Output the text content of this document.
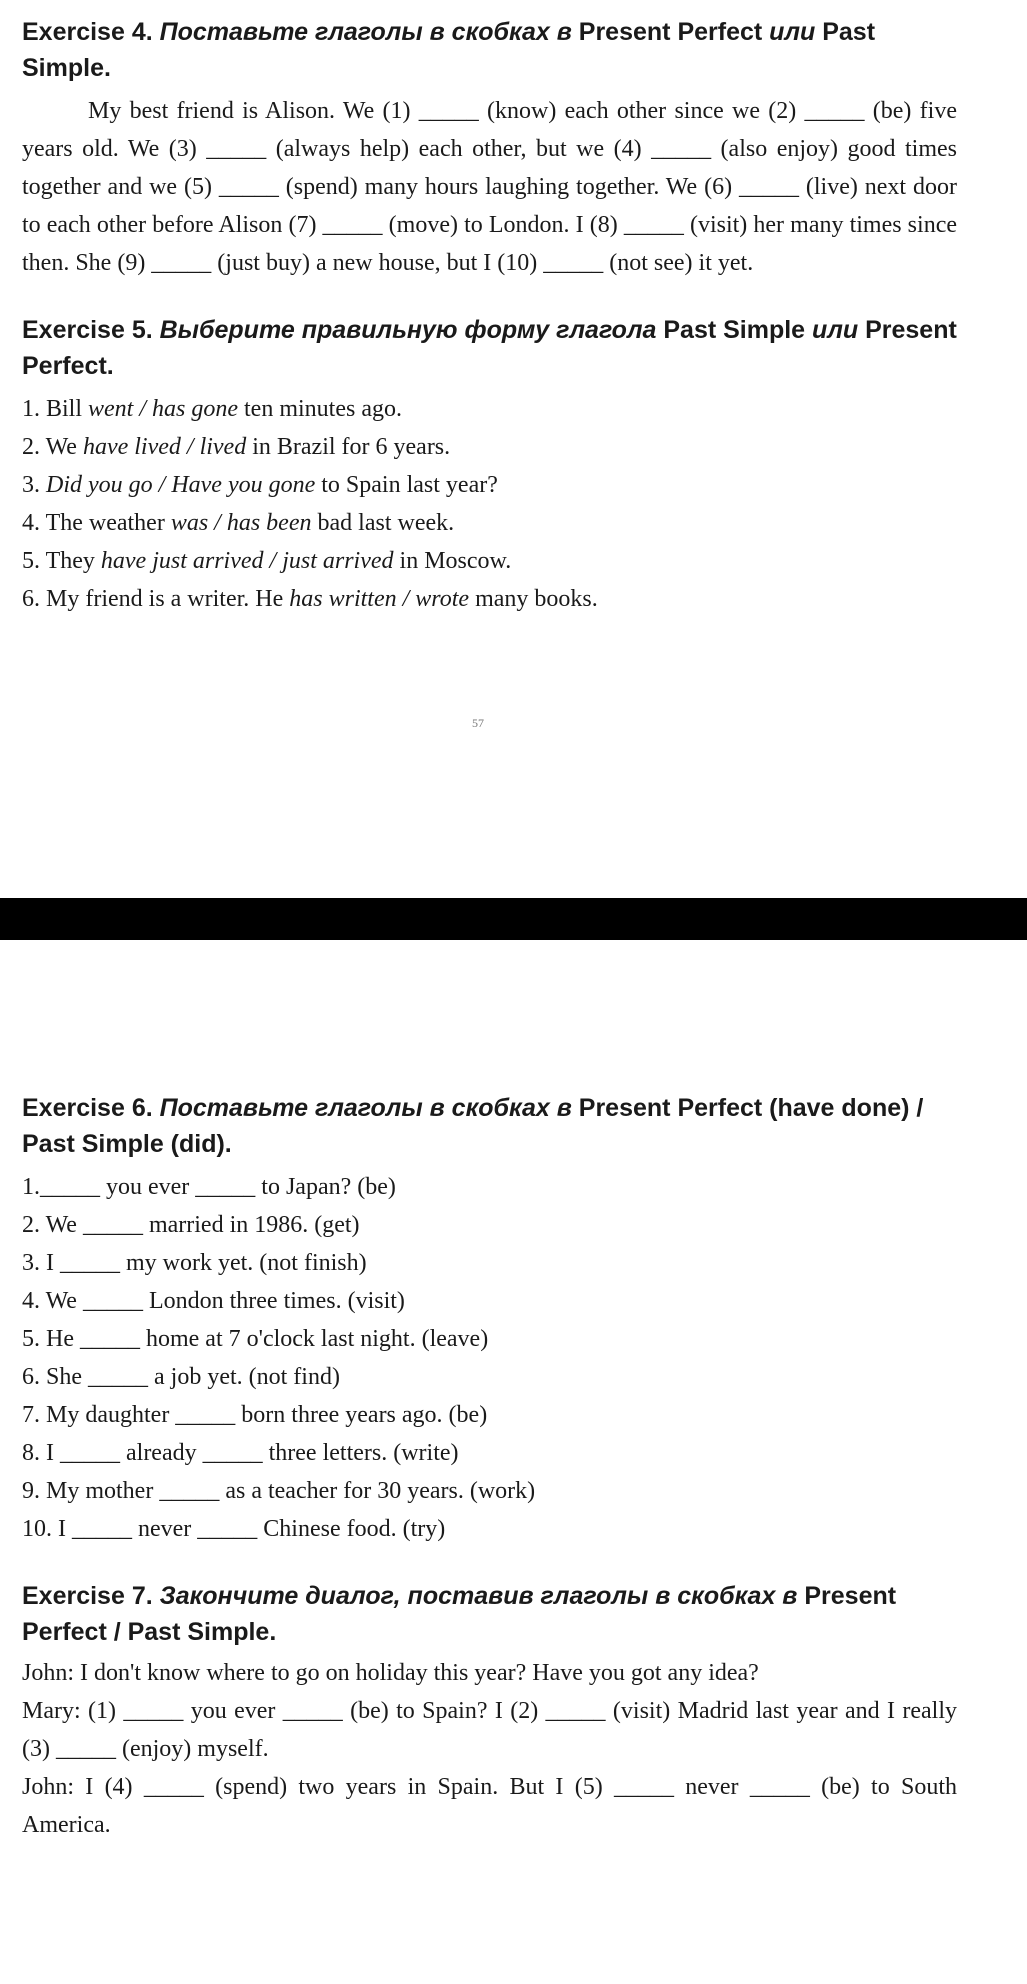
Exercise 4. Поставьте глаголы в скобках в Present Perfect или Past Simple.

My best friend is Alison. We (1) _____ (know) each other since we (2) _____ (be) five years old. We (3) _____ (always help) each other, but we (4) _____ (also enjoy) good times together and we (5) _____ (spend) many hours laughing together. We (6) _____ (live) next door to each other before Alison (7) _____ (move) to London. I (8) _____ (visit) her many times since then. She (9) _____ (just buy) a new house, but I (10) _____ (not see) it yet.

Exercise 5. Выберите правильную форму глагола Past Simple или Present Perfect.

1. Bill went / has gone ten minutes ago.
2. We have lived / lived in Brazil for 6 years.
3. Did you go / Have you gone to Spain last year?
4. The weather was / has been bad last week.
5. They have just arrived / just arrived in Moscow.
6. My friend is a writer. He has written / wrote many books.
57

Exercise 6. Поставьте глаголы в скобках в Present Perfect (have done) / Past Simple (did).

1._____ you ever _____ to Japan? (be)
2. We _____ married in 1986. (get)
3. I _____ my work yet. (not finish)
4. We _____ London three times. (visit)
5. He _____ home at 7 o'clock last night. (leave)
6. She _____ a job yet. (not find)
7. My daughter _____ born three years ago. (be)
8. I _____ already _____ three letters. (write)
9. My mother _____ as a teacher for 30 years. (work)
10. I _____ never _____ Chinese food. (try)

Exercise 7. Закончите диалог, поставив глаголы в скобках в Present Perfect / Past Simple.

John: I don't know where to go on holiday this year? Have you got any idea?

Mary: (1) _____ you ever _____ (be) to Spain? I (2) _____ (visit) Madrid last year and I really (3) _____ (enjoy) myself.

John: I (4) _____ (spend) two years in Spain. But I (5) _____ never _____ (be) to South America.
